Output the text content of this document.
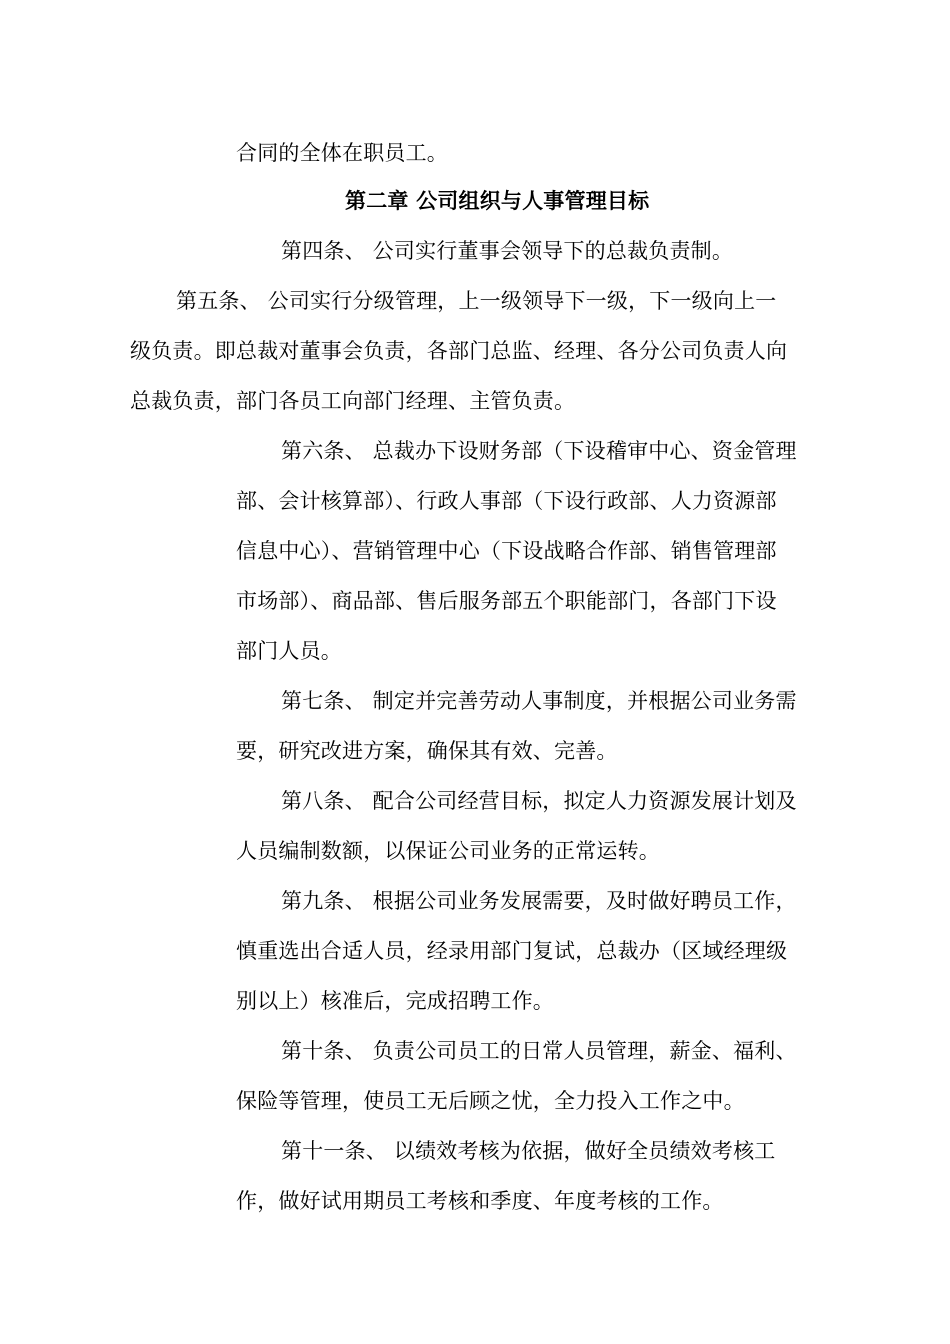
合同的全体在职员工。
第二章 公司组织与人事管理目标
第四条、 公司实行董事会领导下的总裁负责制。
第五条、 公司实行分级管理，上一级领导下一级，下一级向上一
级负责。即总裁对董事会负责，各部门总监、经理、各分公司负责人向
总裁负责，部门各员工向部门经理、主管负责。
第六条、 总裁办下设财务部（下设稽审中心、资金管理
部、会计核算部）、行政人事部（下设行政部、人力资源部
信息中心）、营销管理中心（下设战略合作部、销售管理部
市场部）、商品部、售后服务部五个职能部门，各部门下设
部门人员。
第七条、 制定并完善劳动人事制度，并根据公司业务需
要，研究改进方案，确保其有效、完善。
第八条、 配合公司经营目标，拟定人力资源发展计划及
人员编制数额，以保证公司业务的正常运转。
第九条、 根据公司业务发展需要，及时做好聘员工作，
慎重选出合适人员，经录用部门复试，总裁办（区域经理级
别以上）核准后，完成招聘工作。
第十条、 负责公司员工的日常人员管理，薪金、福利、
保险等管理，使员工无后顾之忧，全力投入工作之中。
第十一条、 以绩效考核为依据，做好全员绩效考核工
作，做好试用期员工考核和季度、年度考核的工作。
